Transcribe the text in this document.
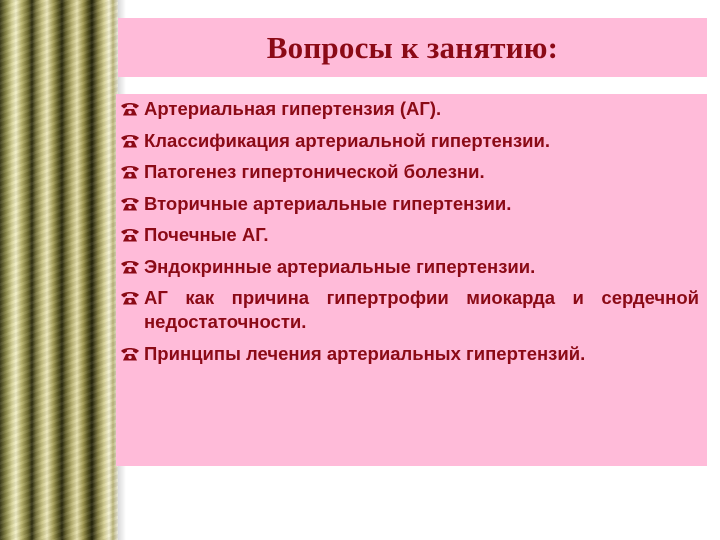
Вопросы к занятию:
Артериальная гипертензия (АГ).
Классификация артериальной гипертензии.
Патогенез гипертонической болезни.
Вторичные артериальные гипертензии.
Почечные АГ.
Эндокринные артериальные гипертензии.
АГ как причина гипертрофии миокарда и сердечной недостаточности.
Принципы лечения артериальных гипертензий.
